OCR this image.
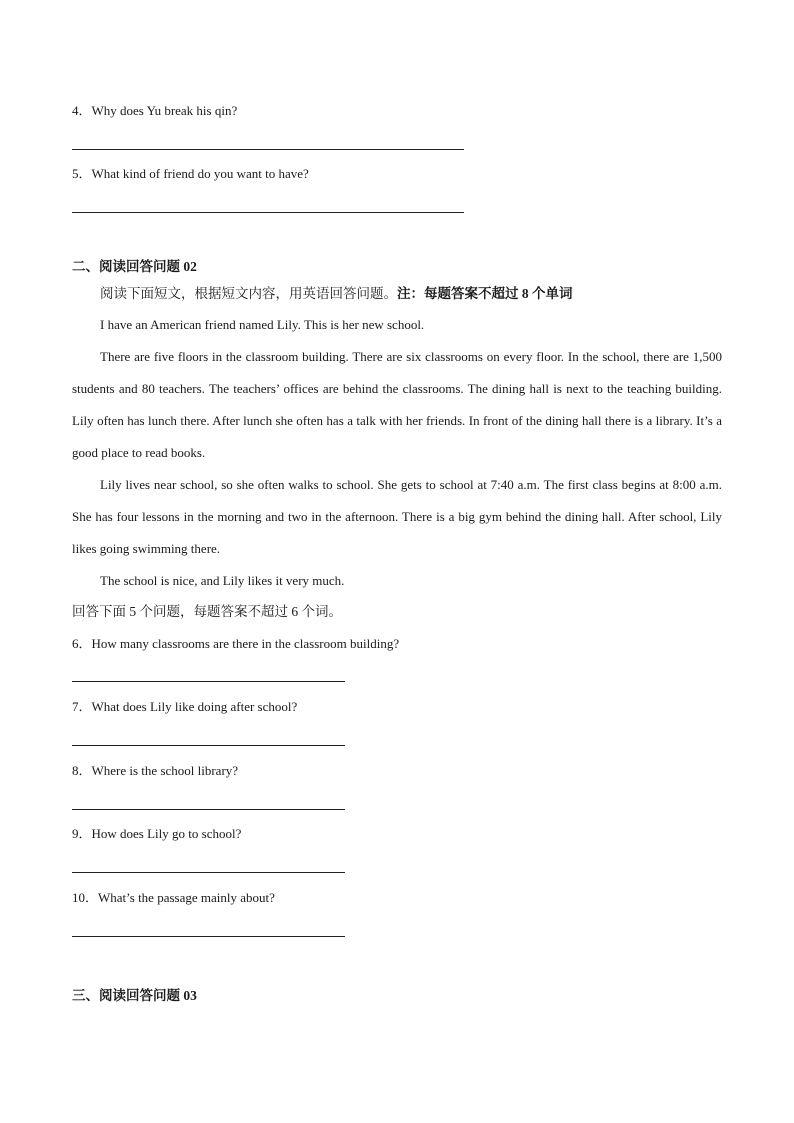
4．Why does Yu break his qin?
5．What kind of friend do you want to have?
二、阅读回答问题 02
阅读下面短文，根据短文内容，用英语回答问题。注：每题答案不超过 8 个单词

I have an American friend named Lily. This is her new school.

There are five floors in the classroom building. There are six classrooms on every floor. In the school, there are 1,500 students and 80 teachers. The teachers’ offices are behind the classrooms. The dining hall is next to the teaching building. Lily often has lunch there. After lunch she often has a talk with her friends. In front of the dining hall there is a library. It’s a good place to read books.

Lily lives near school, so she often walks to school. She gets to school at 7:40 a.m. The first class begins at 8:00 a.m. She has four lessons in the morning and two in the afternoon. There is a big gym behind the dining hall. After school, Lily likes going swimming there.

The school is nice, and Lily likes it very much.

回答下面 5 个问题，每题答案不超过 6 个词。
6．How many classrooms are there in the classroom building?
7．What does Lily like doing after school?
8．Where is the school library?
9．How does Lily go to school?
10．What’s the passage mainly about?
三、阅读回答问题 03
